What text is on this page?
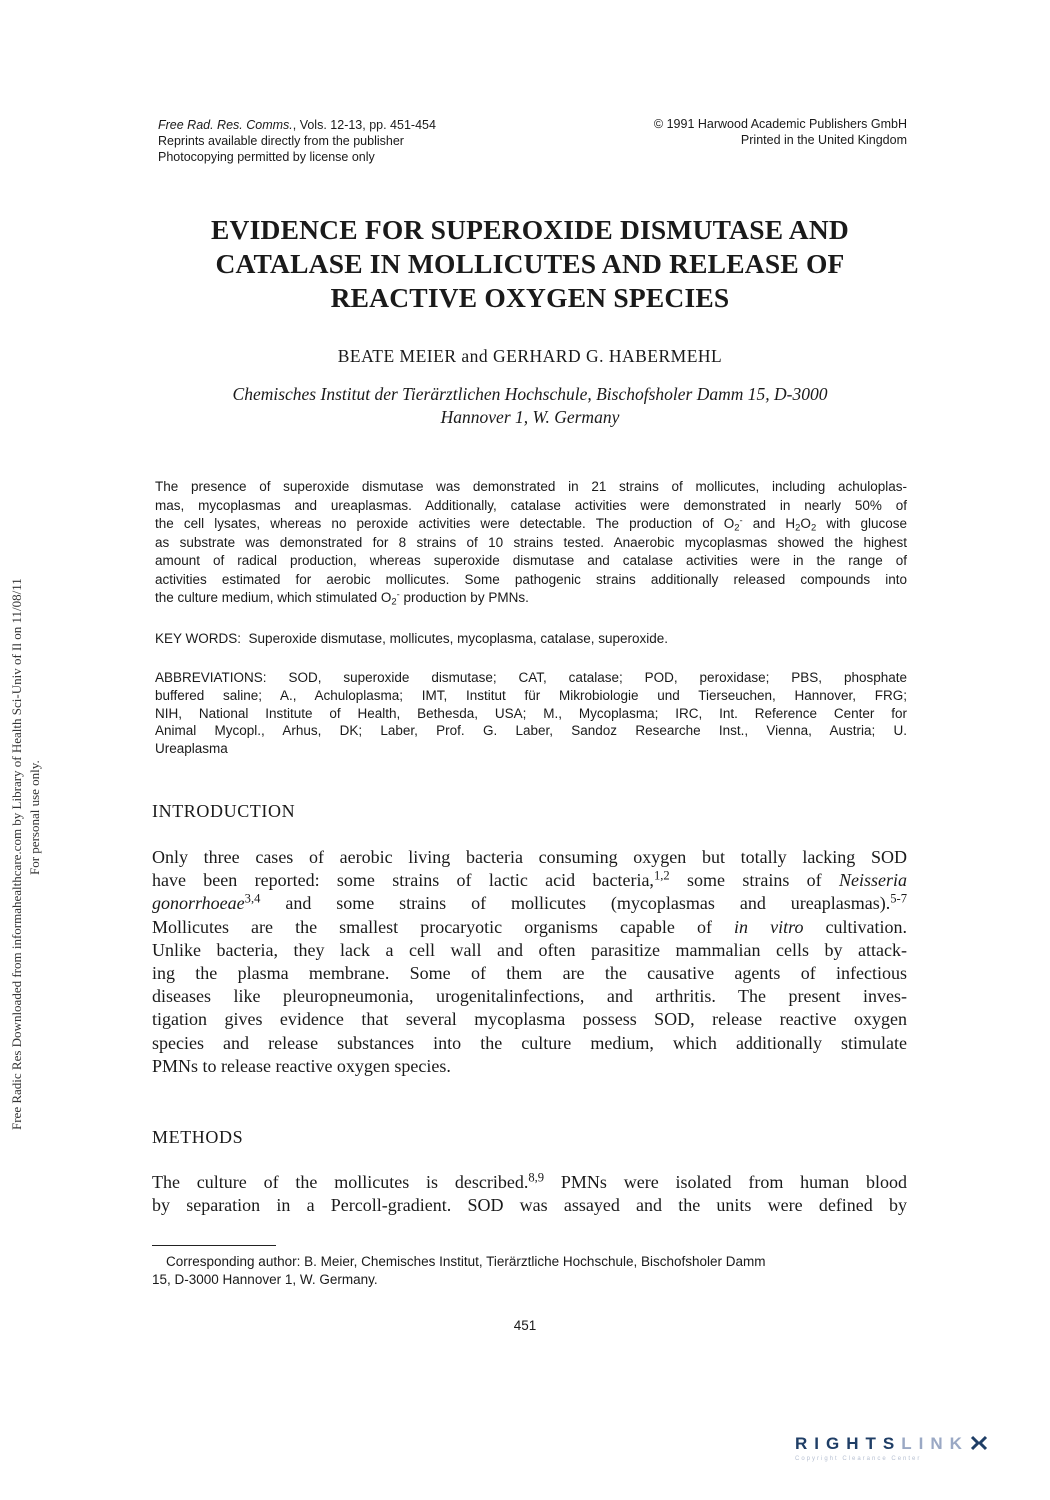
Free Rad. Res. Comms., Vols. 12-13, pp. 451-454
Reprints available directly from the publisher
Photocopying permitted by license only
© 1991 Harwood Academic Publishers GmbH
Printed in the United Kingdom
EVIDENCE FOR SUPEROXIDE DISMUTASE AND
CATALASE IN MOLLICUTES AND RELEASE OF
REACTIVE OXYGEN SPECIES
BEATE MEIER and GERHARD G. HABERMEHL
Chemisches Institut der Tierärztlichen Hochschule, Bischofsholer Damm 15, D-3000
Hannover 1, W. Germany
The presence of superoxide dismutase was demonstrated in 21 strains of mollicutes, including achuloplas-
mas, mycoplasmas and ureaplasmas. Additionally, catalase activities were demonstrated in nearly 50% of
the cell lysates, whereas no peroxide activities were detectable. The production of $O_2^-$ and $H_2O_2$ with glucose
as substrate was demonstrated for 8 strains of 10 strains tested. Anaerobic mycoplasmas showed the highest
amount of radical production, whereas superoxide dismutase and catalase activities were in the range of
activities estimated for aerobic mollicutes. Some pathogenic strains additionally released compounds into
the culture medium, which stimulated $O_2^-$ production by PMNs.
KEY WORDS: Superoxide dismutase, mollicutes, mycoplasma, catalase, superoxide.
ABBREVIATIONS: SOD, superoxide dismutase; CAT, catalase; POD, peroxidase; PBS, phosphate
buffered saline; A., Achuloplasma; IMT, Institut für Mikrobiologie und Tierseuchen, Hannover, FRG;
NIH, National Institute of Health, Bethesda, USA; M., Mycoplasma; IRC, Int. Reference Center for
Animal Mycopl., Arhus, DK; Laber, Prof. G. Laber, Sandoz Researche Inst., Vienna, Austria; U.
Ureaplasma
INTRODUCTION
Only three cases of aerobic living bacteria consuming oxygen but totally lacking SOD
have been reported: some strains of lactic acid bacteria,$^{1,2}$ some strains of Neisseria
gonorrhoeae$^{3,4}$ and some strains of mollicutes (mycoplasmas and ureaplasmas).$^{5-7}$
Mollicutes are the smallest procaryotic organisms capable of in vitro cultivation.
Unlike bacteria, they lack a cell wall and often parasitize mammalian cells by attack-
ing the plasma membrane. Some of them are the causative agents of infectious
diseases like pleuropneumonia, urogenitalinfections, and arthritis. The present inves-
tigation gives evidence that several mycoplasma possess SOD, release reactive oxygen
species and release substances into the culture medium, which additionally stimulate
PMNs to release reactive oxygen species.
METHODS
The culture of the mollicutes is described.$^{8,9}$ PMNs were isolated from human blood
by separation in a Percoll-gradient. SOD was assayed and the units were defined by
Corresponding author: B. Meier, Chemisches Institut, Tierärztliche Hochschule, Bischofsholer Damm
15, D-3000 Hannover 1, W. Germany.
451
Free Radic Res Downloaded from informahealthcare.com by Library of Health Sci-Univ of Il on 11/08/11 For personal use only.
RIGHTSLINK
Copyright Clearance Center
